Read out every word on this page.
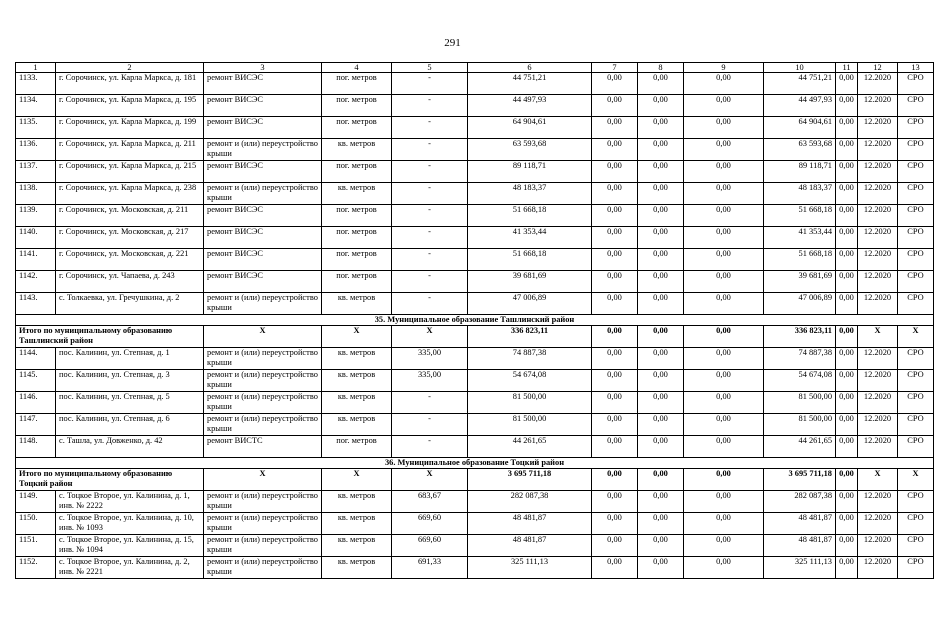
291
1	2	3	4	5	6	7	8	9	10	11	12	13
1133.	г. Сорочинск, ул. Карла Маркса, д. 181	ремонт ВИСЭС	пог. метров	-	44 751,21	0,00	0,00	0,00	44 751,21	0,00	12.2020	СРО
1134.	г. Сорочинск, ул. Карла Маркса, д. 195	ремонт ВИСЭС	пог. метров	-	44 497,93	0,00	0,00	0,00	44 497,93	0,00	12.2020	СРО
1135.	г. Сорочинск, ул. Карла Маркса, д. 199	ремонт ВИСЭС	пог. метров	-	64 904,61	0,00	0,00	0,00	64 904,61	0,00	12.2020	СРО
1136.	г. Сорочинск, ул. Карла Маркса, д. 211	ремонт и (или) переустройство крыши	кв. метров	-	63 593,68	0,00	0,00	0,00	63 593,68	0,00	12.2020	СРО
1137.	г. Сорочинск, ул. Карла Маркса, д. 215	ремонт ВИСЭС	пог. метров	-	89 118,71	0,00	0,00	0,00	89 118,71	0,00	12.2020	СРО
1138.	г. Сорочинск, ул. Карла Маркса, д. 238	ремонт и (или) переустройство крыши	кв. метров	-	48 183,37	0,00	0,00	0,00	48 183,37	0,00	12.2020	СРО
1139.	г. Сорочинск, ул. Московская, д. 211	ремонт ВИСЭС	пог. метров	-	51 668,18	0,00	0,00	0,00	51 668,18	0,00	12.2020	СРО
1140.	г. Сорочинск, ул. Московская, д. 217	ремонт ВИСЭС	пог. метров	-	41 353,44	0,00	0,00	0,00	41 353,44	0,00	12.2020	СРО
1141.	г. Сорочинск, ул. Московская, д. 221	ремонт ВИСЭС	пог. метров	-	51 668,18	0,00	0,00	0,00	51 668,18	0,00	12.2020	СРО
1142.	г. Сорочинск, ул. Чапаева, д. 243	ремонт ВИСЭС	пог. метров	-	39 681,69	0,00	0,00	0,00	39 681,69	0,00	12.2020	СРО
1143.	с. Толкаевка, ул. Гречушкина, д. 2	ремонт и (или) переустройство крыши	кв. метров	-	47 006,89	0,00	0,00	0,00	47 006,89	0,00	12.2020	СРО
35. Муниципальное образование Ташлинский район												
Итого по муниципальному образованию Ташлинский район		X	X	X	336 823,11	0,00	0,00	0,00	336 823,11	0,00	X	X
1144.	пос. Калинин, ул. Степная, д. 1	ремонт и (или) переустройство крыши	кв. метров	335,00	74 887,38	0,00	0,00	0,00	74 887,38	0,00	12.2020	СРО
1145.	пос. Калинин, ул. Степная, д. 3	ремонт и (или) переустройство крыши	кв. метров	335,00	54 674,08	0,00	0,00	0,00	54 674,08	0,00	12.2020	СРО
1146.	пос. Калинин, ул. Степная, д. 5	ремонт и (или) переустройство крыши	кв. метров	-	81 500,00	0,00	0,00	0,00	81 500,00	0,00	12.2020	СРО
1147.	пос. Калинин, ул. Степная, д. 6	ремонт и (или) переустройство крыши	кв. метров	-	81 500,00	0,00	0,00	0,00	81 500,00	0,00	12.2020	СРО
1148.	с. Ташла, ул. Довженко, д. 42	ремонт ВИСТС	пог. метров	-	44 261,65	0,00	0,00	0,00	44 261,65	0,00	12.2020	СРО
36. Муниципальное образование Тоцкий район												
Итого по муниципальному образованию Тоцкий район		X	X	X	3 695 711,18	0,00	0,00	0,00	3 695 711,18	0,00	X	X
1149.	с. Тоцкое Второе, ул. Калинина, д. 1, инв. № 2222	ремонт и (или) переустройство крыши	кв. метров	683,67	282 087,38	0,00	0,00	0,00	282 087,38	0,00	12.2020	СРО
1150.	с. Тоцкое Второе, ул. Калинина, д. 10, инв. № 1093	ремонт и (или) переустройство крыши	кв. метров	669,60	48 481,87	0,00	0,00	0,00	48 481,87	0,00	12.2020	СРО
1151.	с. Тоцкое Второе, ул. Калинина, д. 15, инв. № 1094	ремонт и (или) переустройство крыши	кв. метров	669,60	48 481,87	0,00	0,00	0,00	48 481,87	0,00	12.2020	СРО
1152.	с. Тоцкое Второе, ул. Калинина, д. 2, инв. № 2221	ремонт и (или) переустройство крыши	кв. метров	691,33	325 111,13	0,00	0,00	0,00	325 111,13	0,00	12.2020	СРО
